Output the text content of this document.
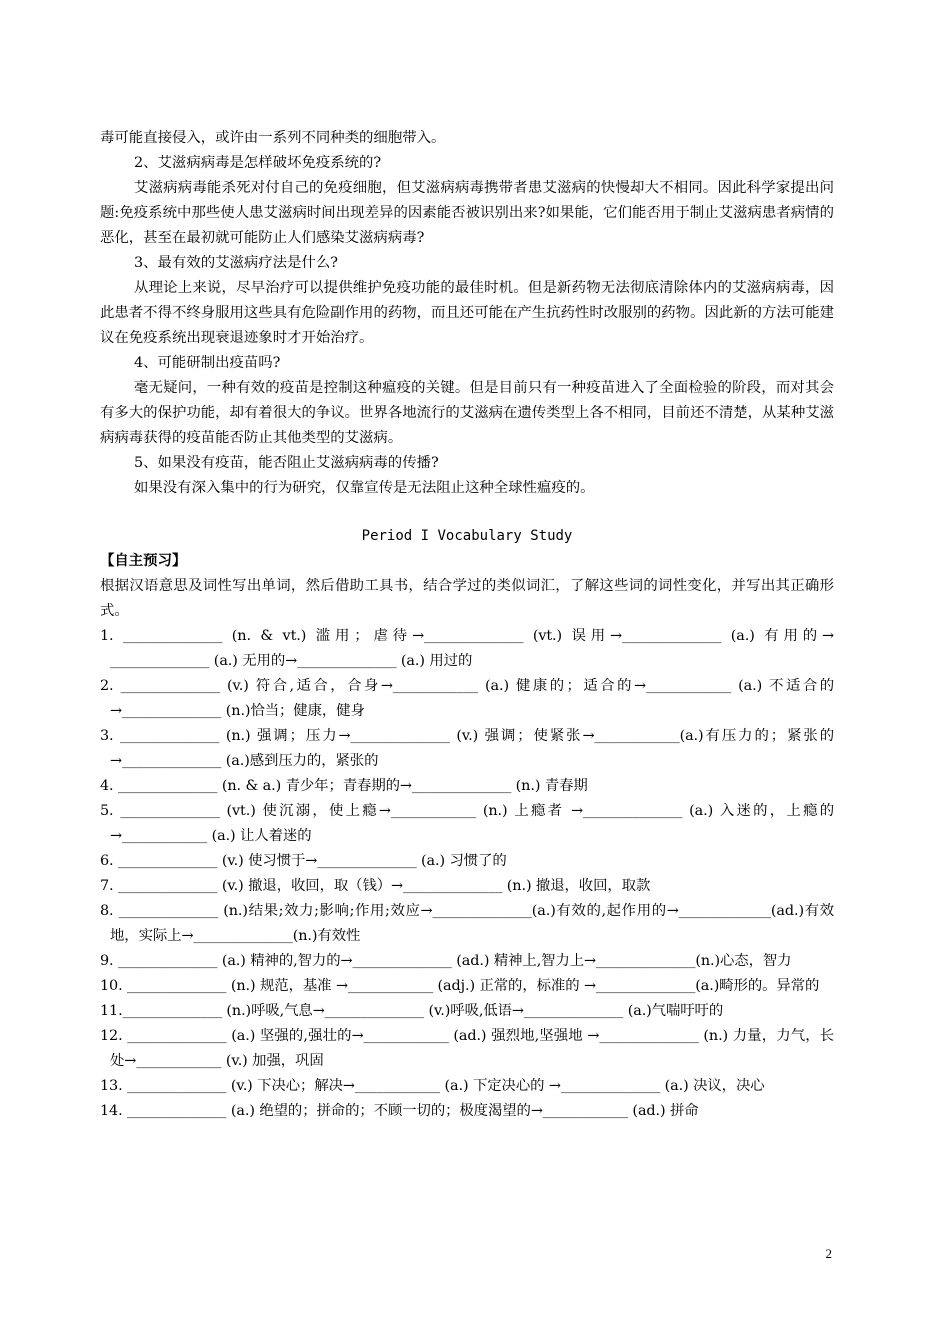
毒可能直接侵入，或许由一系列不同种类的细胞带入。

2、艾滋病病毒是怎样破坏免疫系统的?

艾滋病病毒能杀死对付自己的免疫细胞，但艾滋病病毒携带者患艾滋病的快慢却大不相同。因此科学家提出问题:免疫系统中那些使人患艾滋病时间出现差异的因素能否被识别出来?如果能，它们能否用于制止艾滋病患者病情的恶化，甚至在最初就可能防止人们感染艾滋病病毒?

3、最有效的艾滋病疗法是什么?

从理论上来说，尽早治疗可以提供维护免疫功能的最佳时机。但是新药物无法彻底清除体内的艾滋病病毒，因此患者不得不终身服用这些具有危险副作用的药物，而且还可能在产生抗药性时改服别的药物。因此新的方法可能建议在免疫系统出现衰退迹象时才开始治疗。

4、可能研制出疫苗吗?

毫无疑问，一种有效的疫苗是控制这种瘟疫的关键。但是目前只有一种疫苗进入了全面检验的阶段，而对其会有多大的保护功能，却有着很大的争议。世界各地流行的艾滋病在遗传类型上各不相同，目前还不清楚，从某种艾滋病病毒获得的疫苗能否防止其他类型的艾滋病。

5、如果没有疫苗，能否阻止艾滋病病毒的传播?

如果没有深入集中的行为研究，仅靠宣传是无法阻止这种全球性瘟疫的。

Period I Vocabulary Study
【自主预习】

根据汉语意思及词性写出单词，然后借助工具书，结合学过的类似词汇，了解这些词的词性变化，并写出其正确形式。

1. ______________ (n. & vt.) 滥用；虐待→______________ (vt.) 误用→______________ (a.) 有用的→ ______________ (a.) 无用的→______________ (a.) 用过的

2. ______________ (v.) 符合,适合，合身→____________ (a.) 健康的；适合的→____________ (a.) 不适合的 →______________ (n.)恰当；健康，健身

3. ______________ (n.) 强调；压力→______________ (v.) 强调；使紧张→____________(a.)有压力的；紧张的→______________ (a.)感到压力的，紧张的

4. ______________ (n. & a.) 青少年；青春期的→______________ (n.) 青春期

5. ______________ (vt.) 使沉溺，使上瘾→____________ (n.) 上瘾者 →______________ (a.) 入迷的，上瘾的→____________ (a.) 让人着迷的

6. ______________ (v.) 使习惯于→______________ (a.) 习惯了的

7. ______________ (v.) 撤退，收回，取（钱）→______________ (n.) 撤退，收回，取款

8. ______________ (n.)结果;效力;影响;作用;效应→______________(a.)有效的,起作用的→_____________(ad.)有效地，实际上→______________(n.)有效性

9. ______________ (a.) 精神的,智力的→______________ (ad.) 精神上,智力上→______________(n.)心态，智力

10. ______________ (n.) 规范，基准 →____________ (adj.) 正常的，标准的 →______________(a.)畸形的。异常的

11.______________ (n.)呼吸,气息→______________ (v.)呼吸,低语→______________ (a.)气喘吁吁的

12. ______________ (a.) 坚强的,强壮的→____________ (ad.) 强烈地,坚强地 →______________ (n.) 力量，力气，长处→____________ (v.) 加强，巩固

13. ______________ (v.) 下决心；解决→____________ (a.) 下定决心的 →______________ (a.) 决议，决心

14. ______________ (a.) 绝望的；拼命的；不顾一切的；极度渴望的→____________ (ad.) 拼命

2
